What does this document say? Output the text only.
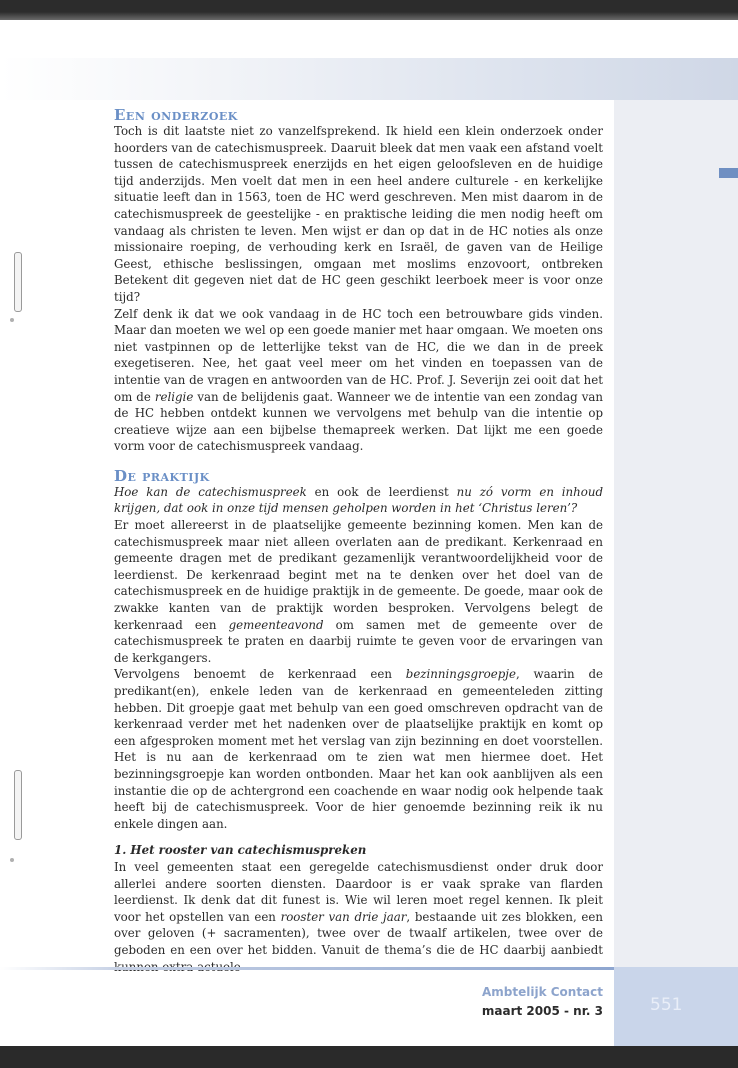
Een onderzoek

Toch is dit laatste niet zo vanzelfsprekend. Ik hield een klein onderzoek onder hoorders van de catechismuspreek. Daaruit bleek dat men vaak een afstand voelt tussen de catechismuspreek enerzijds en het eigen geloofsleven en de huidige tijd anderzijds. Men voelt dat men in een heel andere culturele - en kerkelijke situatie leeft dan in 1563, toen de HC werd geschreven. Men mist daarom in de catechismuspreek de geestelijke - en praktische leiding die men nodig heeft om vandaag als christen te leven. Men wijst er dan op dat in de HC noties als onze missionaire roeping, de verhouding kerk en Israël, de gaven van de Heilige Geest, ethische beslissingen, omgaan met moslims enzovoort, ontbreken Betekent dit gegeven niet dat de HC geen geschikt leerboek meer is voor onze tijd?

Zelf denk ik dat we ook vandaag in de HC toch een betrouwbare gids vinden. Maar dan moeten we wel op een goede manier met haar omgaan. We moeten ons niet vastpinnen op de letterlijke tekst van de HC, die we dan in de preek exegetiseren. Nee, het gaat veel meer om het vinden en toepassen van de intentie van de vragen en antwoorden van de HC. Prof. J. Severijn zei ooit dat het om de religie van de belijdenis gaat. Wanneer we de intentie van een zondag van de HC hebben ontdekt kunnen we vervolgens met behulp van die intentie op creatieve wijze aan een bijbelse themapreek werken. Dat lijkt me een goede vorm voor de catechismuspreek vandaag.

De praktijk

Hoe kan de catechismuspreek en ook de leerdienst nu zó vorm en inhoud krijgen, dat ook in onze tijd mensen geholpen worden in het ‘Christus leren’?

Er moet allereerst in de plaatselijke gemeente bezinning komen. Men kan de catechismuspreek maar niet alleen overlaten aan de predikant. Kerkenraad en gemeente dragen met de predikant gezamenlijk verantwoordelijkheid voor de leerdienst. De kerkenraad begint met na te denken over het doel van de catechismuspreek en de huidige praktijk in de gemeente. De goede, maar ook de zwakke kanten van de praktijk worden besproken. Vervolgens belegt de kerkenraad een gemeenteavond om samen met de gemeente over de catechismuspreek te praten en daarbij ruimte te geven voor de ervaringen van de kerkgangers.

Vervolgens benoemt de kerkenraad een bezinningsgroepje, waarin de predikant(en), enkele leden van de kerkenraad en gemeenteleden zitting hebben. Dit groepje gaat met behulp van een goed omschreven opdracht van de kerkenraad verder met het nadenken over de plaatselijke praktijk en komt op een afgesproken moment met het verslag van zijn bezinning en doet voorstellen. Het is nu aan de kerkenraad om te zien wat men hiermee doet. Het bezinningsgroepje kan worden ontbonden. Maar het kan ook aanblijven als een instantie die op de achtergrond een coachende en waar nodig ook helpende taak heeft bij de catechismuspreek. Voor de hier genoemde bezinning reik ik nu enkele dingen aan.

1. Het rooster van catechismuspreken

In veel gemeenten staat een geregelde catechismusdienst onder druk door allerlei andere soorten diensten. Daardoor is er vaak sprake van flarden leerdienst. Ik denk dat dit funest is. Wie wil leren moet regel kennen. Ik pleit voor het opstellen van een rooster van drie jaar, bestaande uit zes blokken, een over geloven (+ sacramenten), twee over de twaalf artikelen, twee over de geboden en een over het bidden. Vanuit de thema’s die de HC daarbij aanbiedt

Ambtelijk Contact
maart 2005 - nr. 3	551
